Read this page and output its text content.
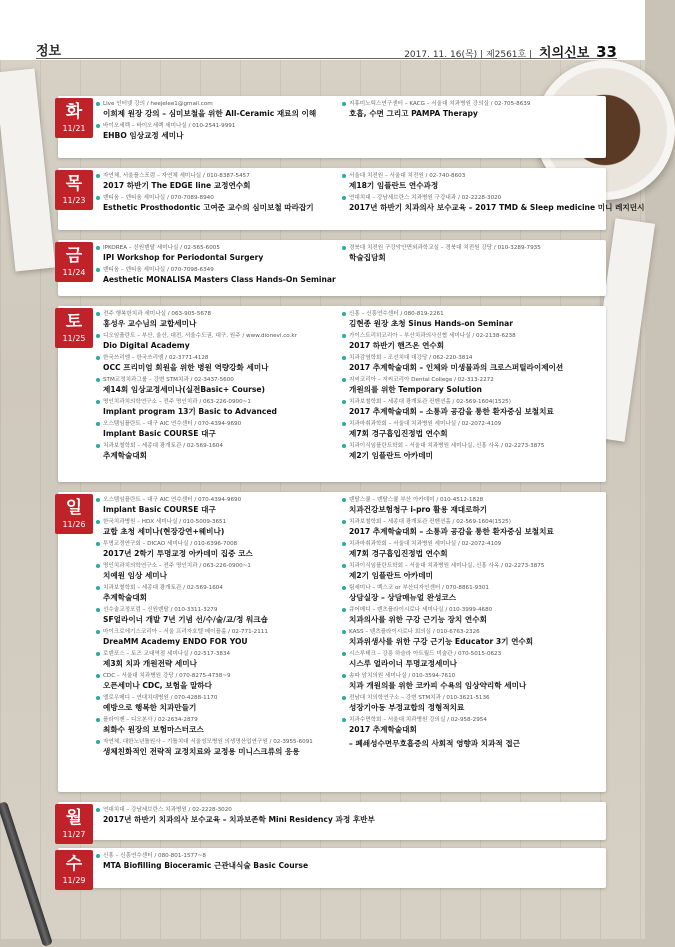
정보	2017. 11. 16(목) | 제2561호 | 치의신보 33
화
11/21
Live 인터넷 강의 / heejelee1@gmail.com
이희제 원장 강의 – 심미보철을 위한 All-Ceramic 재료의 이해
바이오세렉 – 바이오세렉 세미나실 / 010-2541-9991
EHBO 임상교정 세미나
지휴미노틱스연구센터 – KACG – 서울대 치과병원 강의실 / 02-705-8639
호흡, 수면 그리고 PAMPA Therapy
목
11/23
자연체, 서울플스포럼 – 자연체 세미나실 / 010-8387-5457
2017 하반기 The EDGE line 교정연수회
덴티움 – 덴티움 세미나실 / 070-7089-8940
Esthetic Prosthodontic 고여준 교수의 심미보철 따라잡기
서울대 치전원 – 서울대 치전원 / 02-740-8603
제18기 임플란트 연수과정
연대치대 – 강남세브란스 치과병원 구강내과 / 02-2228-3020
2017년 하반기 치과의사 보수교육 – 2017 TMD & Sleep medicine 미니 레지던시
금
11/24
IPKOREA – 신원덴탈 세미나실 / 02-565-6005
IPI Workshop for Periodontal Surgery
덴티움 – 덴티움 세미나실 / 070-7098-6349
Aesthetic MONALISA Masters Class Hands-On Seminar
경북대 치전원 구강악안면외과학교실 – 경북대 치전원 강당 / 010-3289-7935
학술집담회
토
11/25
전주 행복한치과 세미나실 / 063-905-5678
홍성우 교수님의 교합세미나
디오임플란트 – 부산, 울산, 대전, 서울수도권, 대구, 원주 / www.dionevi.co.kr
Dio Digital Academy
한국쓰리엠 – 한국쓰리엠 / 02-3771-4128
OCC 프리미엄 회원을 위한 병원 역량강화 세미나
STM교정치과그룹 – 강변 STM치과 / 02-3437-5600
제14회 임상교정세미나(실전Basic+ Course)
명인치과치의학연구소 – 전주 명인치과 / 063-226-0900~1
Implant program 13기 Basic to Advanced
오스템임플란트 – 대구 AIC 연수센터 / 070-4394-9690
Implant Basic COURSE 대구
치과보철학회 – 세종대 광개토관 / 02-569-1604
추계학술대회
신흥 – 신흥연수센터 / 080-819-2261
김현종 원장 초청 Sinus Hands-on Seminar
가이스트리히코리아 – 부산치과의사신협 세미나실 / 02-2138-6238
2017 하반기 핸즈온 연수회
치과감염학회 – 조선치대 대강당 / 062-220-3814
2017 추계학술대회 – 인체와 미생물과의 크로스퍼틸라이제이션
지씨코리아 – 지씨코리아 Dental College / 02-313-2272
개원의를 위한 Temporary Solution
치과보철학회 – 세종대 광개토관 컨벤션홀 / 02-569-1604(1525)
2017 추계학술대회 – 소통과 공감을 통한 환자중심 보철치료
치과마취과학회 – 서울대 치과병원 세미나실 / 02-2072-4109
제7회 경구흡입진정법 연수회
치과이식임플란트학회 – 서울대 치과병원 세미나실, 신흥 사옥 / 02-2273-3875
제2기 임플란트 아카데미
일
11/26
오스템임플란트 – 대구 AIC 연수센터 / 070-4394-9690
Implant Basic COURSE 대구
한국치과병원 – HDX 세미나실 / 010-5009-3651
교합 초청 세미나(현장강연+웨비나)
투명교정연구회 – DICAO 세미나실 / 010-6396-7008
2017년 2학기 투명교정 아카데미 집중 코스
명인치과치의학연구소 – 전주 명인치과 / 063-226-0900~1
치예원 임상 세미나
치과보철학회 – 세종대 광개토관 / 02-569-1604
추계학술대회
선수술교정포럼 – 신원덴탈 / 010-3311-3279
SF얼라이너 개발 7년 기념 선/수/술/교/정 워크숍
마이크로에기스코리아 – 서울 프리자호텔 메이플홀 / 02-771-2111
DreaMM Academy ENDO FOR YOU
로덴포스 – 토즈 교대역점 세미나실 / 02-517-3834
제3회 치과 개원전략 세미나
CDC – 서울대 치과병원 강당 / 070-8275-4738~9
오픈세미나 CDC, 보험을 말하다
엘로우메디 – 연대치대병원 / 070-4288-1170
예방으로 행복한 치과만들기
플라이젠 – 디오본사 / 02-2634-2879
최화수 원장의 보험마스터코스
자연체, 대한노년틀원사 – 기틀치대 서울성모병원 의생명산업연구원 / 02-3955-6091
생체친화적인 전략적 교정치료와 교정용 미니스크류의 응용
덴탈스쿨 – 덴탈스쿨 부산 아카데미 / 010-4512-1828
치과건강보험청구 i-pro 활용 재대로하기
치과보철학회 – 세종대 광개토관 컨벤션홀 / 02-569-1604(1525)
2017 추계학술대회 – 소통과 공감을 통한 환자중심 보철치료
치과마취과학회 – 서울대 치과병원 세미나실 / 02-2072-4109
제7회 경구흡입진정법 연수회
치과이식임플란트학회 – 서울대 치과병원 세미나실, 신흥 사옥 / 02-2273-3875
제2기 임플란트 아카데미
팀세미나 – 벡스코 or 부산디자인센터 / 070-8861-9301
상담실장 – 상담매뉴얼 완성코스
큐어메디 – 덴츠플라이시로나 세미나실 / 010-3999-4680
치과의사를 위한 구강 근기능 장치 연수회
KASS – 텐츠플라이시로나 회의실 / 010-6763-2326
치과위생사를 위한 구강 근기능 Educator 3기 연수회
시스루테크 – 강릉 하슬라 아트월드 미술관 / 070-5015-0623
시스루 얼라이너 투명교정세미나
송파 암치의원 세미나실 / 010-3594-7610
치과 개원의를 위한 코카피 수욕의 임상약리학 세미나
전남대 치의학연구소 – 강변 STM치과 / 010-3621-5136
성장기아동 부정교합의 정형적치료
치과수면학회 – 서울대 치과병원 강의실 / 02-958-2954
2017 추계학술대회
– 폐쇄성수면무호흡증의 사회적 영향과 치과적 접근
월
11/27
연대치대 – 강남세브란스 치과병원 / 02-2228-3020
2017년 하반기 치과의사 보수교육 – 치과보존학 Mini Residency 과정 후반부
수
11/29
신흥 – 신흥연수센터 / 080-801-1577~8
MTA Biofilling Bioceramic 근관내식술 Basic Course
